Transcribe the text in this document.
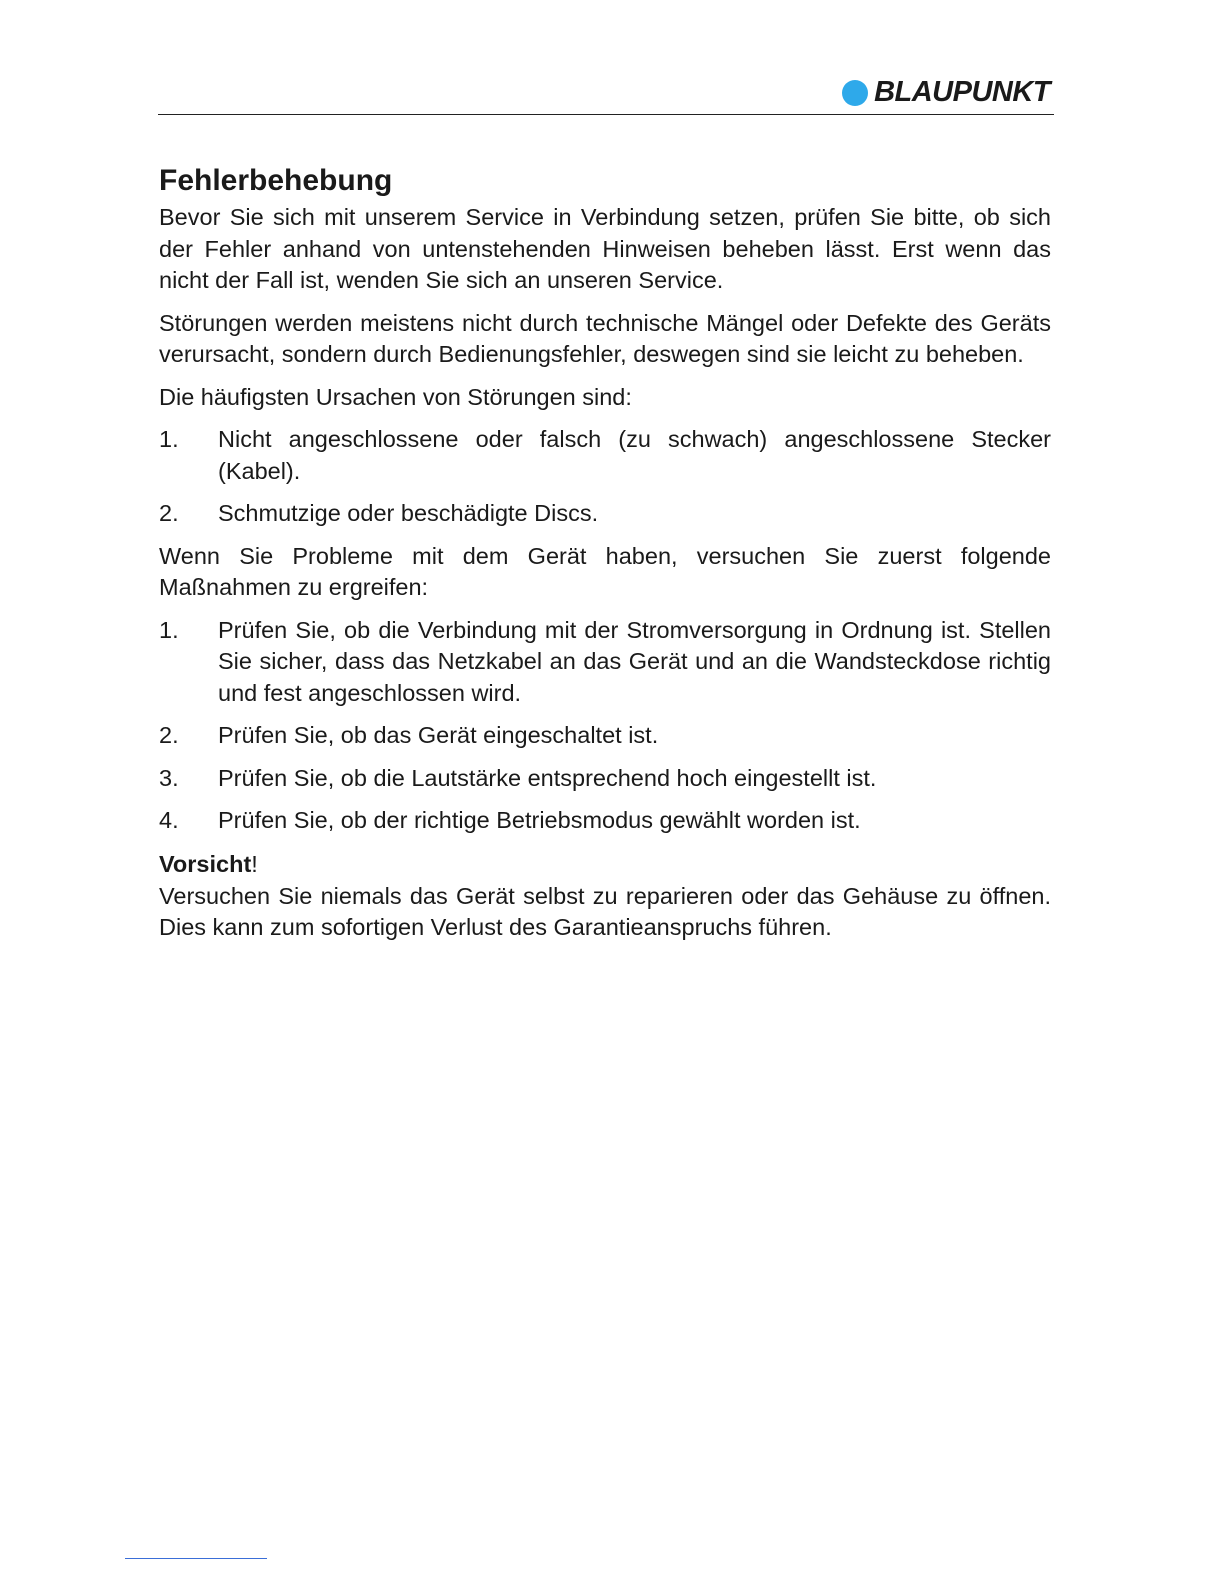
BLAUPUNKT
Fehlerbehebung

Bevor Sie sich mit unserem Service in Verbindung setzen, prüfen Sie bitte, ob sich der Fehler anhand von untenstehenden Hinweisen beheben lässt. Erst wenn das nicht der Fall ist, wenden Sie sich an unseren Service.

Störungen werden meistens nicht durch technische Mängel oder Defekte des Geräts verursacht, sondern durch Bedienungsfehler, deswegen sind sie leicht zu beheben.

Die häufigsten Ursachen von Störungen sind:

1.	Nicht angeschlossene oder falsch (zu schwach) angeschlossene Stecker (Kabel).
2.	Schmutzige oder beschädigte Discs.

Wenn Sie Probleme mit dem Gerät haben, versuchen Sie zuerst folgende Maßnahmen zu ergreifen:

1.	Prüfen Sie, ob die Verbindung mit der Stromversorgung in Ordnung ist. Stellen Sie sicher, dass das Netzkabel an das Gerät und an die Wandsteckdose richtig und fest angeschlossen wird.
2.	Prüfen Sie, ob das Gerät eingeschaltet ist.
3.	Prüfen Sie, ob die Lautstärke entsprechend hoch eingestellt ist.
4.	Prüfen Sie, ob der richtige Betriebsmodus gewählt worden ist.
Vorsicht!

Versuchen Sie niemals das Gerät selbst zu reparieren oder das Gehäuse zu öffnen. Dies kann zum sofortigen Verlust des Garantieanspruchs führen.
